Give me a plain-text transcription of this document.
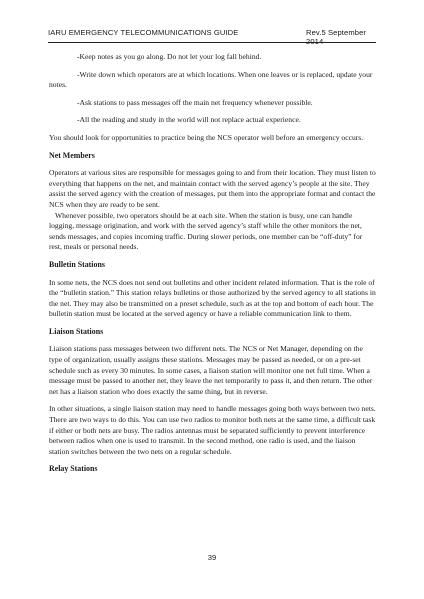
IARU EMERGENCY TELECOMMUNICATIONS GUIDE	Rev.5 September 2014

-Keep notes as you go along. Do not let your log fall behind.

-Write down which operators are at which locations. When one leaves or is replaced, update your notes.

-Ask stations to pass messages off the main net frequency whenever possible.

-All the reading and study in the world will not replace actual experience.

You should look for opportunities to practice being the NCS operator well before an emergency occurs.

Net Members

Operators at various sites are responsible for messages going to and from their location. They must listen to everything that happens on the net, and maintain contact with the served agency’s people at the site. They assist the served agency with the creation of messages, put them into the appropriate format and contact the NCS when they are ready to be sent.

Whenever possible, two operators should be at each site. When the station is busy, one can handle logging, message origination, and work with the served agency’s staff while the other monitors the net, sends messages, and copies incoming traffic. During slower periods, one member can be “off-duty” for rest, meals or personal needs.

Bulletin Stations

In some nets, the NCS does not send out bulletins and other incident related information. That is the role of the “bulletin station.” This station relays bulletins or those authorized by the served agency to all stations in the net. They may also be transmitted on a preset schedule, such as at the top and bottom of each hour. The bulletin station must be located at the served agency or have a reliable communication link to them.

Liaison Stations

Liaison stations pass messages between two different nets. The NCS or Net Manager, depending on the type of organization, usually assigns these stations. Messages may be passed as needed, or on a pre-set schedule such as every 30 minutes. In some cases, a liaison station will monitor one net full time. When a message must be passed to another net, they leave the net temporarily to pass it, and then return. The other net has a liaison station who does exactly the same thing, but in reverse.

In other situations, a single liaison station may need to handle messages going both ways between two nets. There are two ways to do this. You can use two radios to monitor both nets at the same time, a difficult task if either or both nets are busy. The radios antennas must be separated sufficiently to prevent interference between radios when one is used to transmit. In the second method, one radio is used, and the liaison station switches between the two nets on a regular schedule.

Relay Stations

39
